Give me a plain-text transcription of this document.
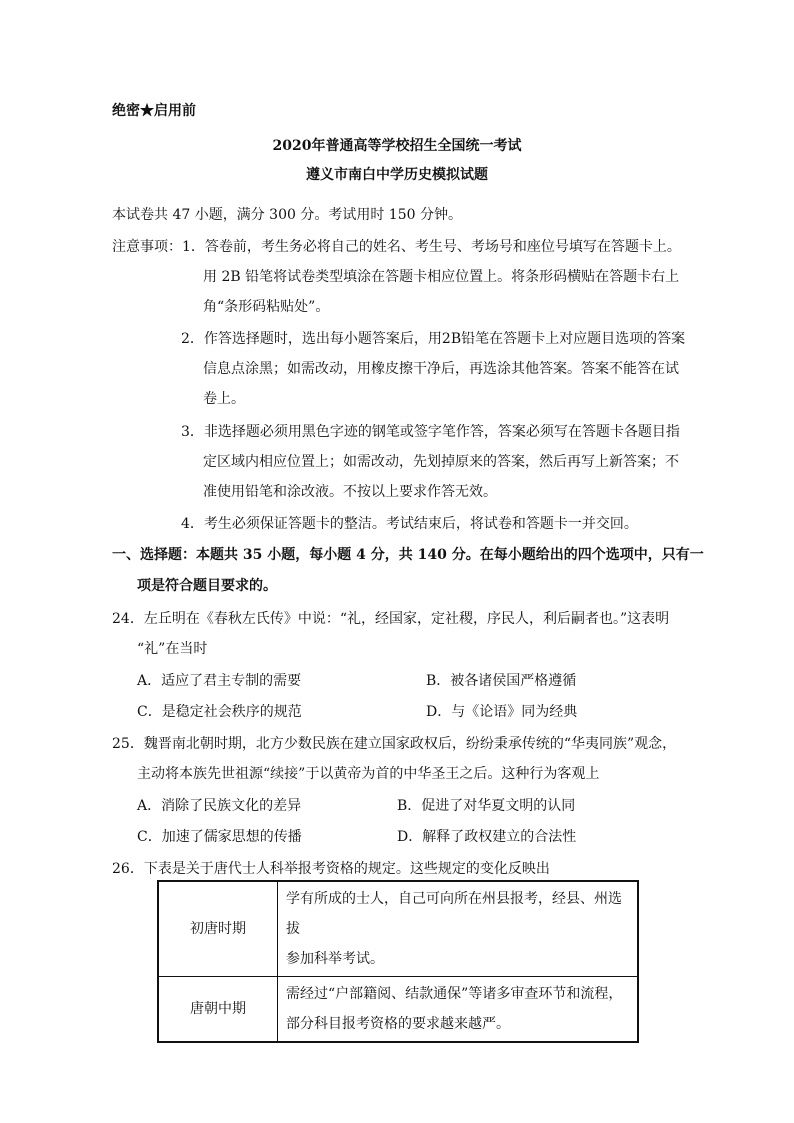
绝密★启用前
2020年普通高等学校招生全国统一考试
遵义市南白中学历史模拟试题
本试卷共 47 小题，满分 300 分。考试用时 150 分钟。
注意事项：1．答卷前，考生务必将自己的姓名、考生号、考场号和座位号填写在答题卡上。
用 2B 铅笔将试卷类型填涂在答题卡相应位置上。将条形码横贴在答题卡右上
角“条形码粘贴处”。
2．作答选择题时，选出每小题答案后，用2B铅笔在答题卡上对应题目选项的答案
信息点涂黑；如需改动，用橡皮擦干净后，再选涂其他答案。答案不能答在试
卷上。
3．非选择题必须用黑色字迹的钢笔或签字笔作答，答案必须写在答题卡各题目指
定区域内相应位置上；如需改动，先划掉原来的答案，然后再写上新答案；不
准使用铅笔和涂改液。不按以上要求作答无效。
4．考生必须保证答题卡的整洁。考试结束后，将试卷和答题卡一并交回。
一、选择题：本题共 35 小题，每小题 4 分，共 140 分。在每小题给出的四个选项中，只有一
项是符合题目要求的。
24．左丘明在《春秋左氏传》中说：“礼，经国家，定社稷，序民人，利后嗣者也。”这表明
“礼”在当时
A．适应了君主专制的需要	B．被各诸侯国严格遵循
C．是稳定社会秩序的规范	D．与《论语》同为经典
25．魏晋南北朝时期，北方少数民族在建立国家政权后，纷纷秉承传统的“华夷同族”观念，
主动将本族先世祖源“续接”于以黄帝为首的中华圣王之后。这种行为客观上
A．消除了民族文化的差异	B．促进了对华夏文明的认同
C．加速了儒家思想的传播	D．解释了政权建立的合法性
26．下表是关于唐代士人科举报考资格的规定。这些规定的变化反映出
初唐时期	学有所成的士人，自己可向所在州县报考，经县、州选拔
参加科举考试。

唐朝中期	需经过“户部籍阅、结款通保”等诸多审查环节和流程，
部分科目报考资格的要求越来越严。
